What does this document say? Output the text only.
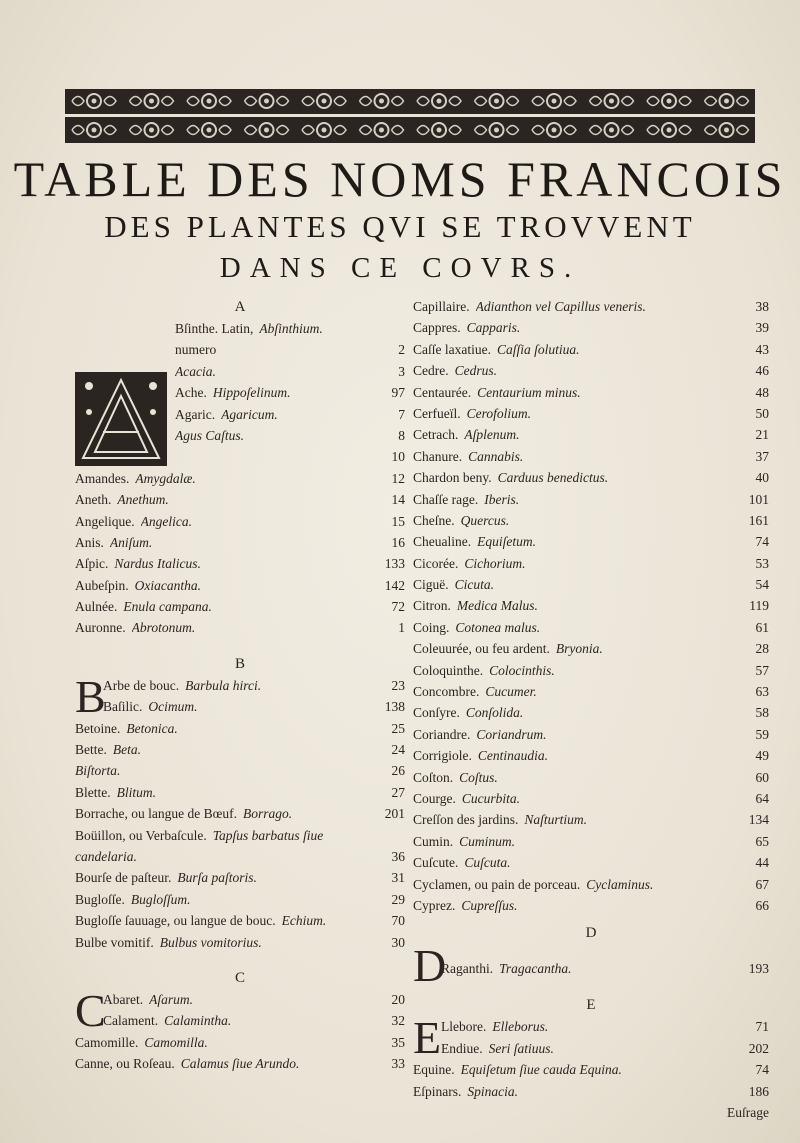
TABLE DES NOMS FRANCOIS
DES PLANTES QVI SE TROVVENT
DANS CE COVRS.
A
Bſinthe. Latin, Abſinthium.
numero	2
Acacia.	3
Ache. Hippoſelinum.	97
Agaric. Agaricum.	7
Agus Caſtus.	8
10
Amandes. Amygdalæ.	12
Aneth. Anethum.	14
Angelique. Angelica.	15
Anis. Aniſum.	16
Aſpic. Nardus Italicus.	133
Aubeſpin. Oxiacantha.	142
Aulnée. Enula campana.	72
Auronne. Abrotonum.	1
B
B
Arbe de bouc. Barbula hirci.	23
Baſilic. Ocimum.	138
Betoine. Betonica.	25
Bette. Beta.	24
Biſtorta.	26
Blette. Blitum.	27
Borrache, ou langue de Bœuf. Borrago.	201
Boüillon, ou Verbaſcule. Tapſus barbatus ſiue
candelaria.	36
Bourſe de paſteur. Burſa paſtoris.	31
Bugloſſe. Bugloſſum.	29
Bugloſſe ſauuage, ou langue de bouc. Echium.	70
Bulbe vomitif. Bulbus vomitorius.	30
C
C
Abaret. Aſarum.	20
Calament. Calamintha.	32
Camomille. Camomilla.	35
Canne, ou Roſeau. Calamus ſiue Arundo.	33
Capillaire. Adianthon vel Capillus veneris.	38
Cappres. Capparis.	39
Caſſe laxatiue. Caſſia ſolutiua.	43
Cedre. Cedrus.	46
Centaurée. Centaurium minus.	48
Cerfueïl. Cerofolium.	50
Cetrach. Aſplenum.	21
Chanure. Cannabis.	37
Chardon beny. Carduus benedictus.	40
Chaſſe rage. Iberis.	101
Cheſne. Quercus.	161
Cheualine. Equiſetum.	74
Cicorée. Cichorium.	53
Ciguë. Cicuta.	54
Citron. Medica Malus.	119
Coing. Cotonea malus.	61
Coleuurée, ou feu ardent. Bryonia.	28
Coloquinthe. Colocinthis.	57
Concombre. Cucumer.	63
Conſyre. Conſolida.	58
Coriandre. Coriandrum.	59
Corrigiole. Centinaudia.	49
Coſton. Coſtus.	60
Courge. Cucurbita.	64
Creſſon des jardins. Naſturtium.	134
Cumin. Cuminum.	65
Cuſcute. Cuſcuta.	44
Cyclamen, ou pain de porceau. Cyclaminus.	67
Cyprez. Cupreſſus.	66
D
D
Raganthi. Tragacantha.	193
E
E Llebore. Elleborus.	71
Endiue. Seri ſatiuus.	202
Equine. Equiſetum ſiue cauda Equina.	74
Eſpinars. Spinacia.	186
Euſrage
